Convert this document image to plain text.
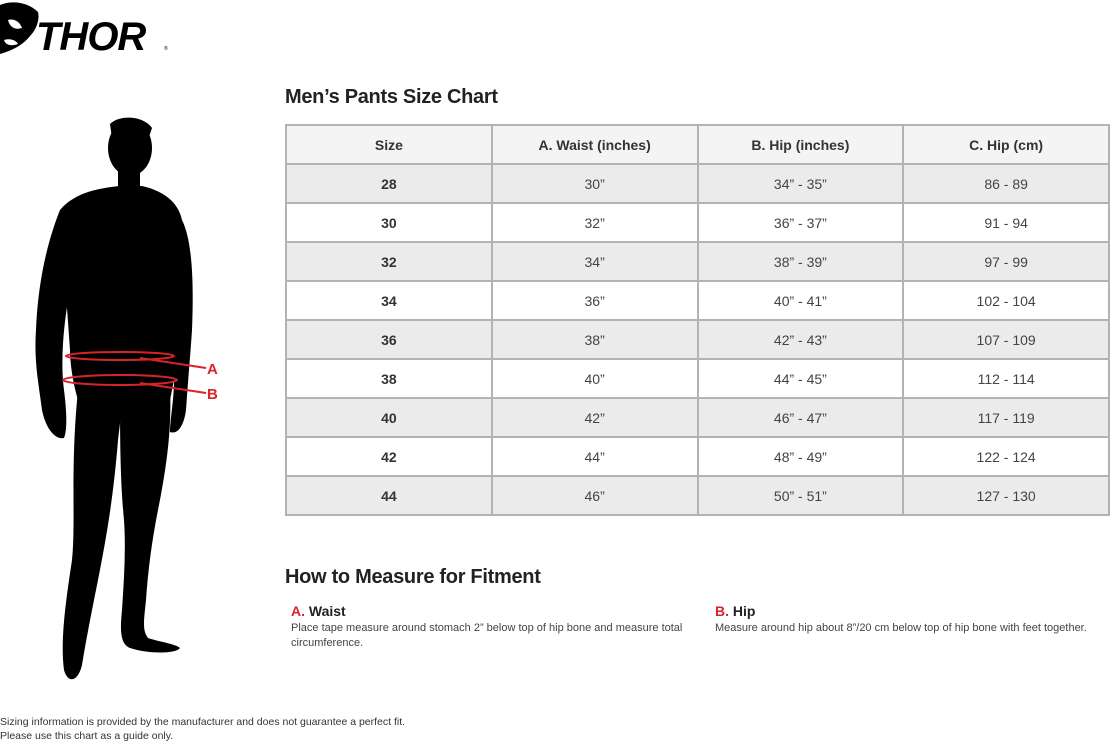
THOR	®
A
B
Men’s Pants Size Chart
Size	A. Waist (inches)	B. Hip (inches)	C. Hip (cm)
28	30”	34” - 35”	86 - 89
30	32”	36” - 37”	91 - 94
32	34”	38” - 39”	97 - 99
34	36”	40” - 41”	102 - 104
36	38”	42” - 43”	107 - 109
38	40”	44” - 45”	112 - 114
40	42”	46” - 47”	117 - 119
42	44”	48” - 49”	122 - 124
44	46”	50” - 51”	127 - 130
How to Measure for Fitment
A. Waist
Place tape measure around stomach 2” below top of hip bone and measure total circumference.
B. Hip
Measure around hip about 8”/20 cm below top of hip bone with feet together.
Sizing information is provided by the manufacturer and does not guarantee a perfect fit.
Please use this chart as a guide only.
